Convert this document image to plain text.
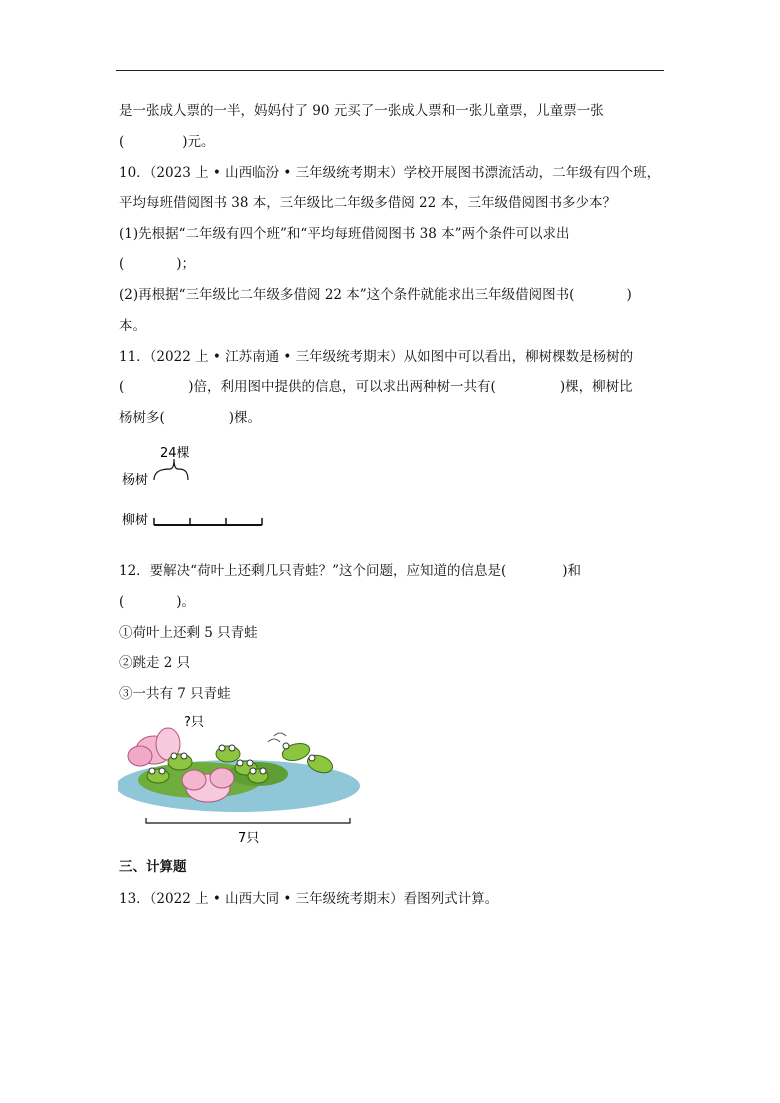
是一张成人票的一半，妈妈付了 90 元买了一张成人票和一张儿童票，儿童票一张
(	)元。
10．（2023 上 • 山西临汾 • 三年级统考期末）学校开展图书漂流活动，二年级有四个班，
平均每班借阅图书 38 本，三年级比二年级多借阅 22 本，三年级借阅图书多少本？
(1)先根据“二年级有四个班”和“平均每班借阅图书 38 本”两个条件可以求出
(	)；
(2)再根据“三年级比二年级多借阅 22 本”这个条件就能求出三年级借阅图书(	)
本。
11．（2022 上 • 江苏南通 • 三年级统考期末）从如图中可以看出，柳树棵数是杨树的
(	)倍，利用图中提供的信息，可以求出两种树一共有(	)棵，柳树比
杨树多(	)棵。
24棵
杨树
柳树
12．要解决“荷叶上还剩几只青蛙？”这个问题，应知道的信息是(	)和
(	)。
①荷叶上还剩 5 只青蛙
②跳走 2 只
③一共有 7 只青蛙
?只
7只
三、计算题
13．（2022 上 • 山西大同 • 三年级统考期末）看图列式计算。
